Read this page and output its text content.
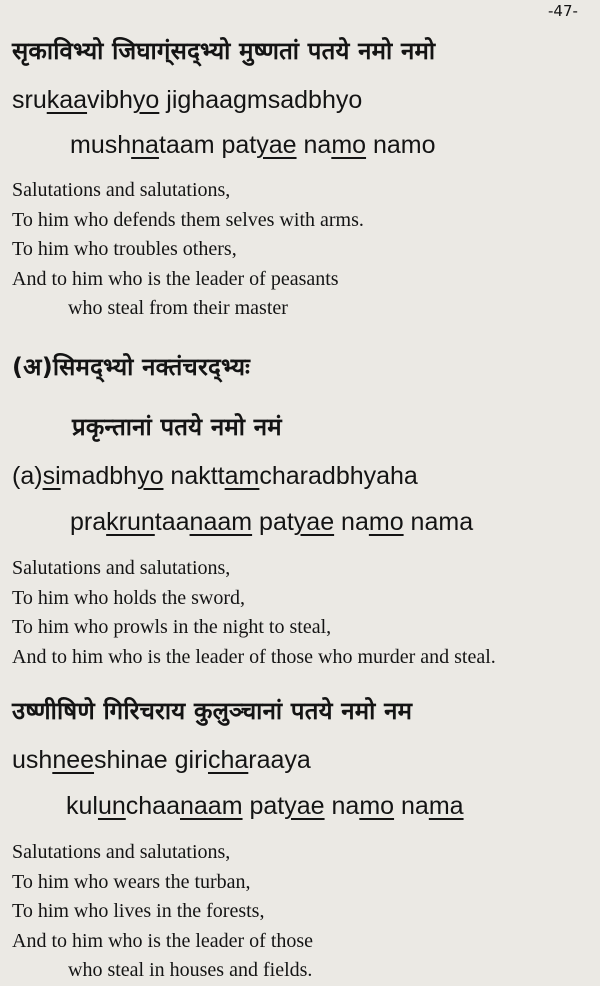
-47-
सृकाविभ्यो जिघाग्ंसद्भ्यो मुष्णतां पतये नमो नमो
srukaavibhyo jighaagmsadbhyo
mushnataam patyae namo namo
Salutations and salutations,
To him who defends them selves with arms.
To him who troubles others,
And to him who is the leader of peasants
who steal from their master
(अ)सिमद्भ्यो नक्तंचरद्भ्यः
प्रकृन्तानां पतये नमो नमं
(a)simadbhyo nakttamcharadbhyaha
prakruntaanaam patyae namo nama
Salutations and salutations,
To him who holds the sword,
To him who prowls in the night to steal,
And to him who is the leader of those who murder and steal.
उष्णीषिणे गिरिचराय कुलुञ्चानां पतये नमो नम
ushneeshinae giricharaaya
kulunchaanaam patyae namo nama
Salutations and salutations,
To him who wears the turban,
To him who lives in the forests,
And to him who is the leader of those
who steal in houses and fields.
